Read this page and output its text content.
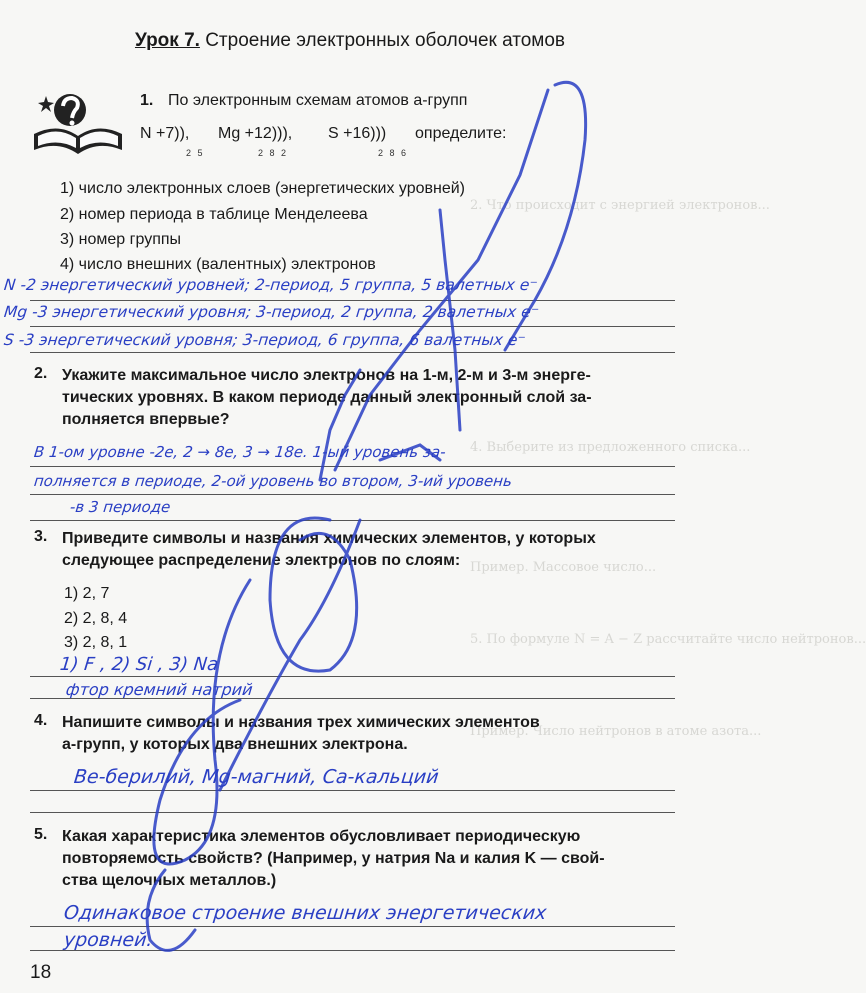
2. Что происходит с энергией электронов...
4. Выберите из предложенного списка...
Пример. Массовое число...
5. По формуле N = A − Z рассчитайте число нейтронов...
Пример. Число нейтронов в атоме азота...
Урок 7. Строение электронных оболочек атомов
1. По электронным схемам атомов а-групп
N +7)),
2 5
Mg +12))),
2 8 2
S +16)))
2 8 6
определите:
1) число электронных слоев (энергетических уровней)
2) номер периода в таблице Менделеева
3) номер группы
4) число внешних (валентных) электронов
N -2 энергетический уровней; 2-период, 5 группа, 5 валетных е⁻
Mg -3 энергетический уровня; 3-период, 2 группа, 2 валетных е⁻
S -3 энергетический уровня; 3-период, 6 группа, 6 валетных е⁻
2. Укажите максимальное число электронов на 1-м, 2-м и 3-м энерге-
тических уровнях. В каком периоде данный электронный слой за-
полняется впервые?
В 1-ом уровне -2е, 2 → 8е, 3 → 18е. 1-ый уровень за-
полняется в периоде, 2-ой уровень во втором, 3-ий уровень
-в 3 периоде
3. Приведите символы и названия химических элементов, у которых
следующее распределение электронов по слоям:
1) 2, 7
2) 2, 8, 4
3) 2, 8, 1
1) F , 2) Si , 3) Na
фтор кремний натрий
4. Напишите символы и названия трех химических элементов
а-групп, у которых два внешних электрона.
Ве-берилий, Мg-магний, Са-кальций
5. Какая характеристика элементов обусловливает периодическую
повторяемость свойств? (Например, у натрия Na и калия K — свой-
ства щелочных металлов.)
Одинаковое строение внешних энергетических
уровней.
18
